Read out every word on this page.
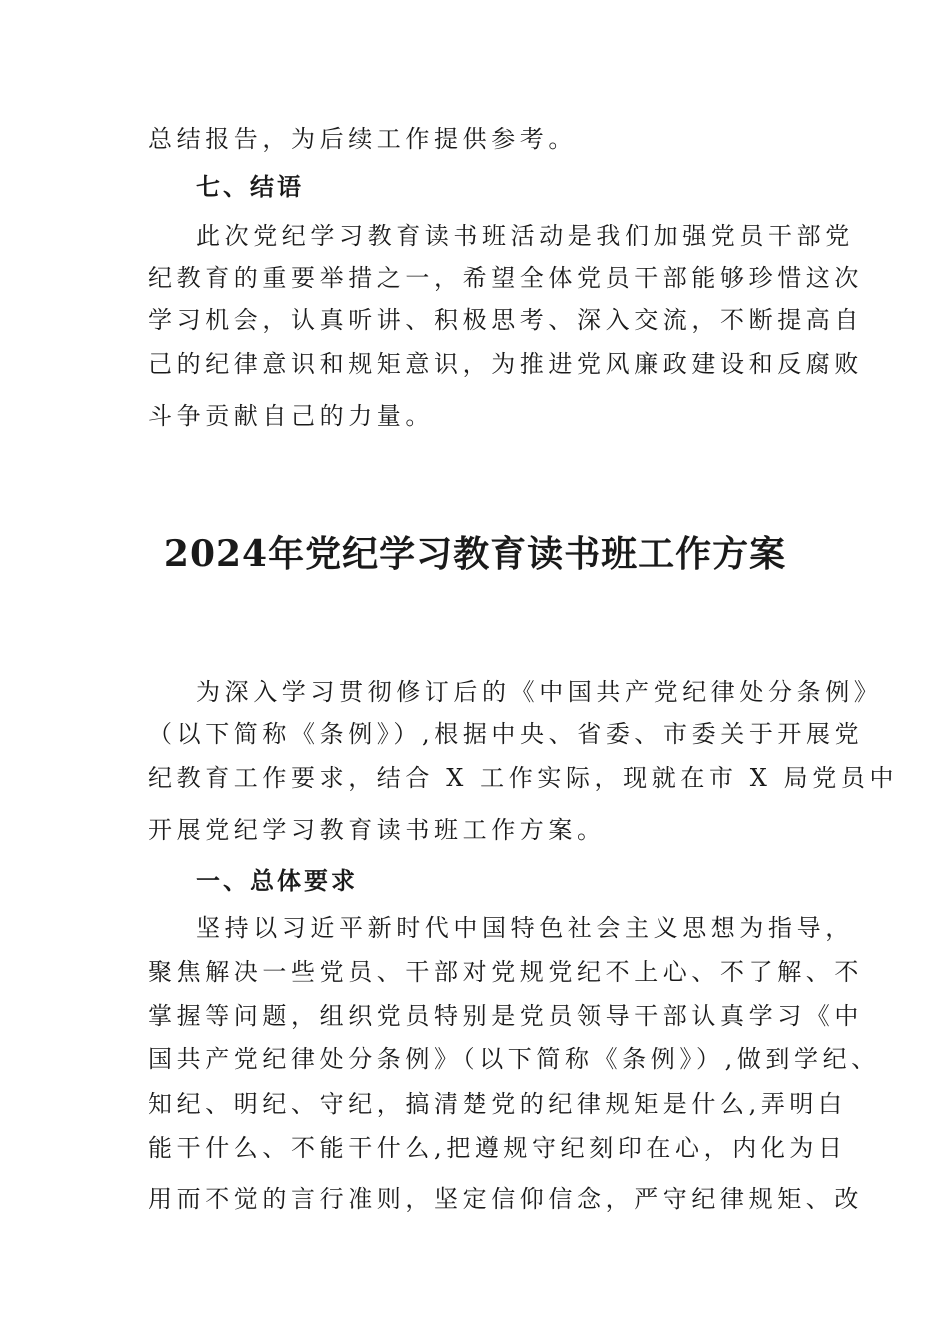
总结报告，为后续工作提供参考。
七、结语
此次党纪学习教育读书班活动是我们加强党员干部党
纪教育的重要举措之一，希望全体党员干部能够珍惜这次
学习机会，认真听讲、积极思考、深入交流，不断提高自
己的纪律意识和规矩意识，为推进党风廉政建设和反腐败
斗争贡献自己的力量。
2024年党纪学习教育读书班工作方案
为深入学习贯彻修订后的《中国共产党纪律处分条例》
（以下简称《条例》）,根据中央、省委、市委关于开展党
纪教育工作要求，结合 X 工作实际，现就在市 X 局党员中
开展党纪学习教育读书班工作方案。
一、总体要求
坚持以习近平新时代中国特色社会主义思想为指导，
聚焦解决一些党员、干部对党规党纪不上心、不了解、不
掌握等问题，组织党员特别是党员领导干部认真学习《中
国共产党纪律处分条例》（以下简称《条例》）,做到学纪、
知纪、明纪、守纪，搞清楚党的纪律规矩是什么,弄明白
能干什么、不能干什么,把遵规守纪刻印在心，内化为日
用而不觉的言行准则，坚定信仰信念，严守纪律规矩、改
